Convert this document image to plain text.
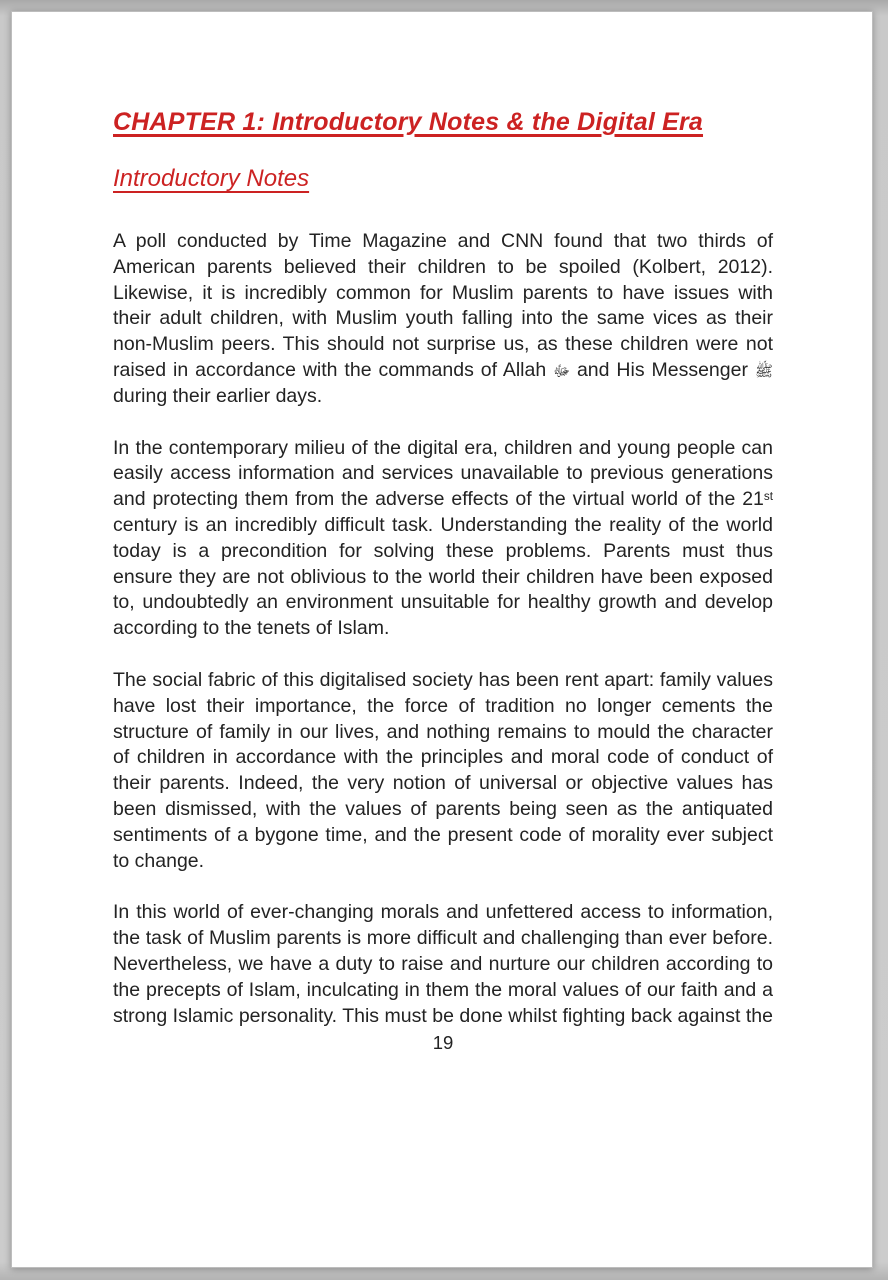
CHAPTER 1: Introductory Notes & the Digital Era
Introductory Notes

A poll conducted by Time Magazine and CNN found that two thirds of American parents believed their children to be spoiled (Kolbert, 2012). Likewise, it is incredibly common for Muslim parents to have issues with their adult children, with Muslim youth falling into the same vices as their non-Muslim peers. This should not surprise us, as these children were not raised in accordance with the commands of Allah ﷻ and His Messenger ﷺ during their earlier days.

In the contemporary milieu of the digital era, children and young people can easily access information and services unavailable to previous generations and protecting them from the adverse effects of the virtual world of the 21st century is an incredibly difficult task. Understanding the reality of the world today is a precondition for solving these problems. Parents must thus ensure they are not oblivious to the world their children have been exposed to, undoubtedly an environment unsuitable for healthy growth and develop according to the tenets of Islam.

The social fabric of this digitalised society has been rent apart: family values have lost their importance, the force of tradition no longer cements the structure of family in our lives, and nothing remains to mould the character of children in accordance with the principles and moral code of conduct of their parents. Indeed, the very notion of universal or objective values has been dismissed, with the values of parents being seen as the antiquated sentiments of a bygone time, and the present code of morality ever subject to change.

In this world of ever-changing morals and unfettered access to information, the task of Muslim parents is more difficult and challenging than ever before. Nevertheless, we have a duty to raise and nurture our children according to the precepts of Islam, inculcating in them the moral values of our faith and a strong Islamic personality. This must be done whilst fighting back against the

19
